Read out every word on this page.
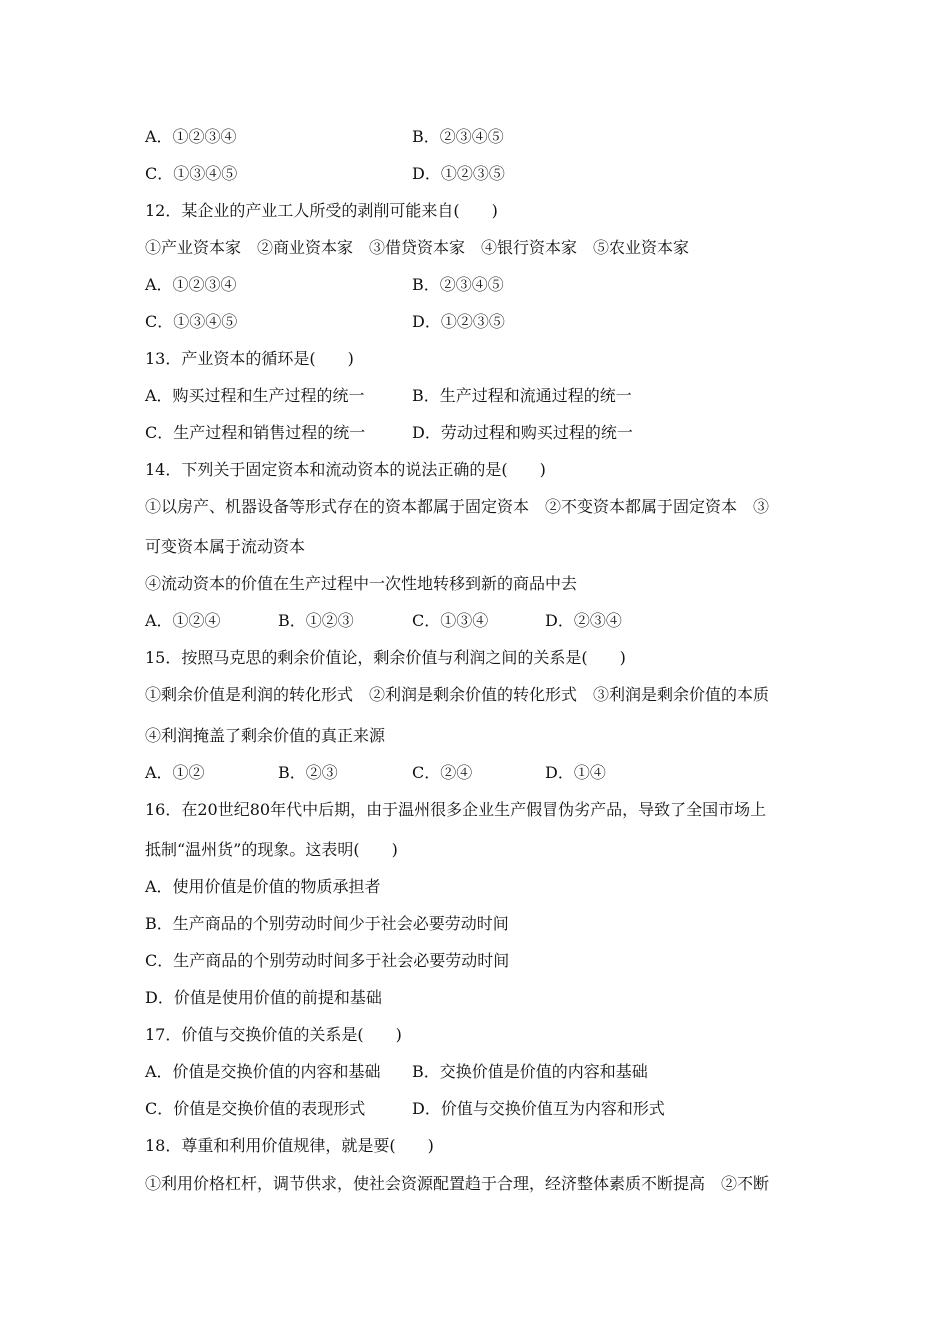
A．①②③④	B．②③④⑤
C．①③④⑤	D．①②③⑤
12．某企业的产业工人所受的剥削可能来自(　　)
①产业资本家　②商业资本家　③借贷资本家　④银行资本家　⑤农业资本家
A．①②③④	B．②③④⑤
C．①③④⑤	D．①②③⑤
13．产业资本的循环是(　　)
A．购买过程和生产过程的统一	B．生产过程和流通过程的统一
C．生产过程和销售过程的统一	D．劳动过程和购买过程的统一
14．下列关于固定资本和流动资本的说法正确的是(　　)
①以房产、机器设备等形式存在的资本都属于固定资本　②不变资本都属于固定资本　③
可变资本属于流动资本
④流动资本的价值在生产过程中一次性地转移到新的商品中去
A．①②④	B．①②③	C．①③④	D．②③④
15．按照马克思的剩余价值论，剩余价值与利润之间的关系是(　　)
①剩余价值是利润的转化形式　②利润是剩余价值的转化形式　③利润是剩余价值的本质
④利润掩盖了剩余价值的真正来源
A．①②	B．②③	C．②④	D．①④
16．在20世纪80年代中后期，由于温州很多企业生产假冒伪劣产品，导致了全国市场上
抵制“温州货”的现象。这表明(　　)
A．使用价值是价值的物质承担者
B．生产商品的个别劳动时间少于社会必要劳动时间
C．生产商品的个别劳动时间多于社会必要劳动时间
D．价值是使用价值的前提和基础
17．价值与交换价值的关系是(　　)
A．价值是交换价值的内容和基础 B．交换价值是价值的内容和基础
C．价值是交换价值的表现形式	D．价值与交换价值互为内容和形式
18．尊重和利用价值规律，就是要(　　)
①利用价格杠杆，调节供求，使社会资源配置趋于合理，经济整体素质不断提高　②不断
